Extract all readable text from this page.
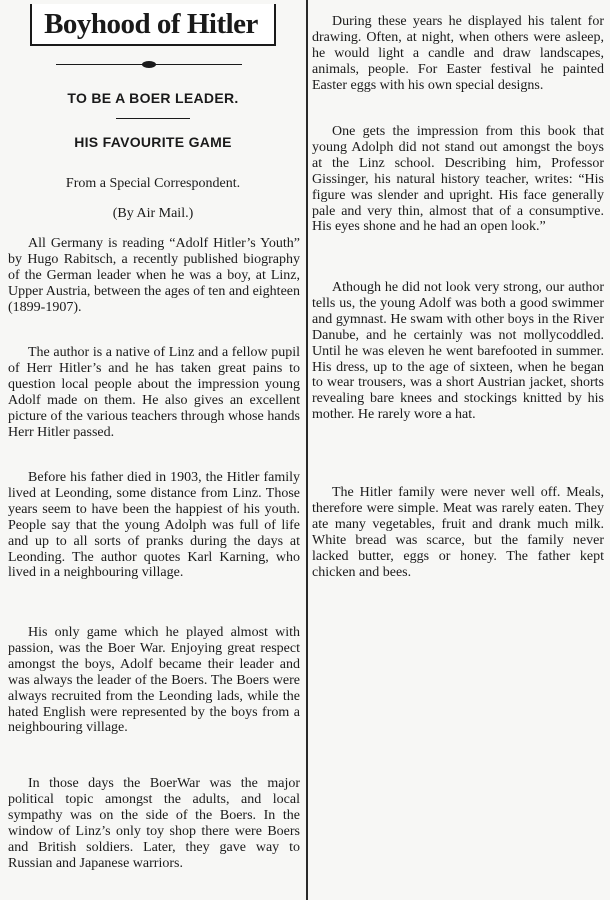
Boyhood of Hitler
TO BE A BOER LEADER.
HIS FAVOURITE GAME
From a Special Correspondent.
(By Air Mail.)
All Germany is reading “Adolf Hitler’s Youth” by Hugo Rabitsch, a recently published biography of the German leader when he was a boy, at Linz, Upper Austria, between the ages of ten and eighteen (1899-1907).
The author is a native of Linz and a fellow pupil of Herr Hitler’s and he has taken great pains to question local people about the impression young Adolf made on them. He also gives an excellent picture of the various teachers through whose hands Herr Hitler passed.
Before his father died in 1903, the Hitler family lived at Leonding, some distance from Linz. Those years seem to have been the happiest of his youth. People say that the young Adolph was full of life and up to all sorts of pranks during the days at Leonding. The author quotes Karl Karning, who lived in a neighbouring village.
His only game which he played almost with passion, was the Boer War. Enjoying great respect amongst the boys, Adolf became their leader and was always the leader of the Boers. The Boers were always recruited from the Leonding lads, while the hated English were represented by the boys from a neighbouring village.
In those days the BoerWar was the major political topic amongst the adults, and local sympathy was on the side of the Boers. In the window of Linz’s only toy shop there were Boers and British soldiers. Later, they gave way to Russian and Japanese warriors.
During these years he displayed his talent for drawing. Often, at night, when others were asleep, he would light a candle and draw landscapes, animals, people. For Easter festival he painted Easter eggs with his own special designs.
One gets the impression from this book that young Adolph did not stand out amongst the boys at the Linz school. Describing him, Professor Gissinger, his natural history teacher, writes: “His figure was slender and upright. His face generally pale and very thin, almost that of a consumptive. His eyes shone and he had an open look.”
Athough he did not look very strong, our author tells us, the young Adolf was both a good swimmer and gymnast. He swam with other boys in the River Danube, and he certainly was not mollycoddled. Until he was eleven he went barefooted in summer. His dress, up to the age of sixteen, when he began to wear trousers, was a short Austrian jacket, shorts revealing bare knees and stockings knitted by his mother. He rarely wore a hat.
The Hitler family were never well off. Meals, therefore were simple. Meat was rarely eaten. They ate many vegetables, fruit and drank much milk. White bread was scarce, but the family never lacked butter, eggs or honey. The father kept chicken and bees.
